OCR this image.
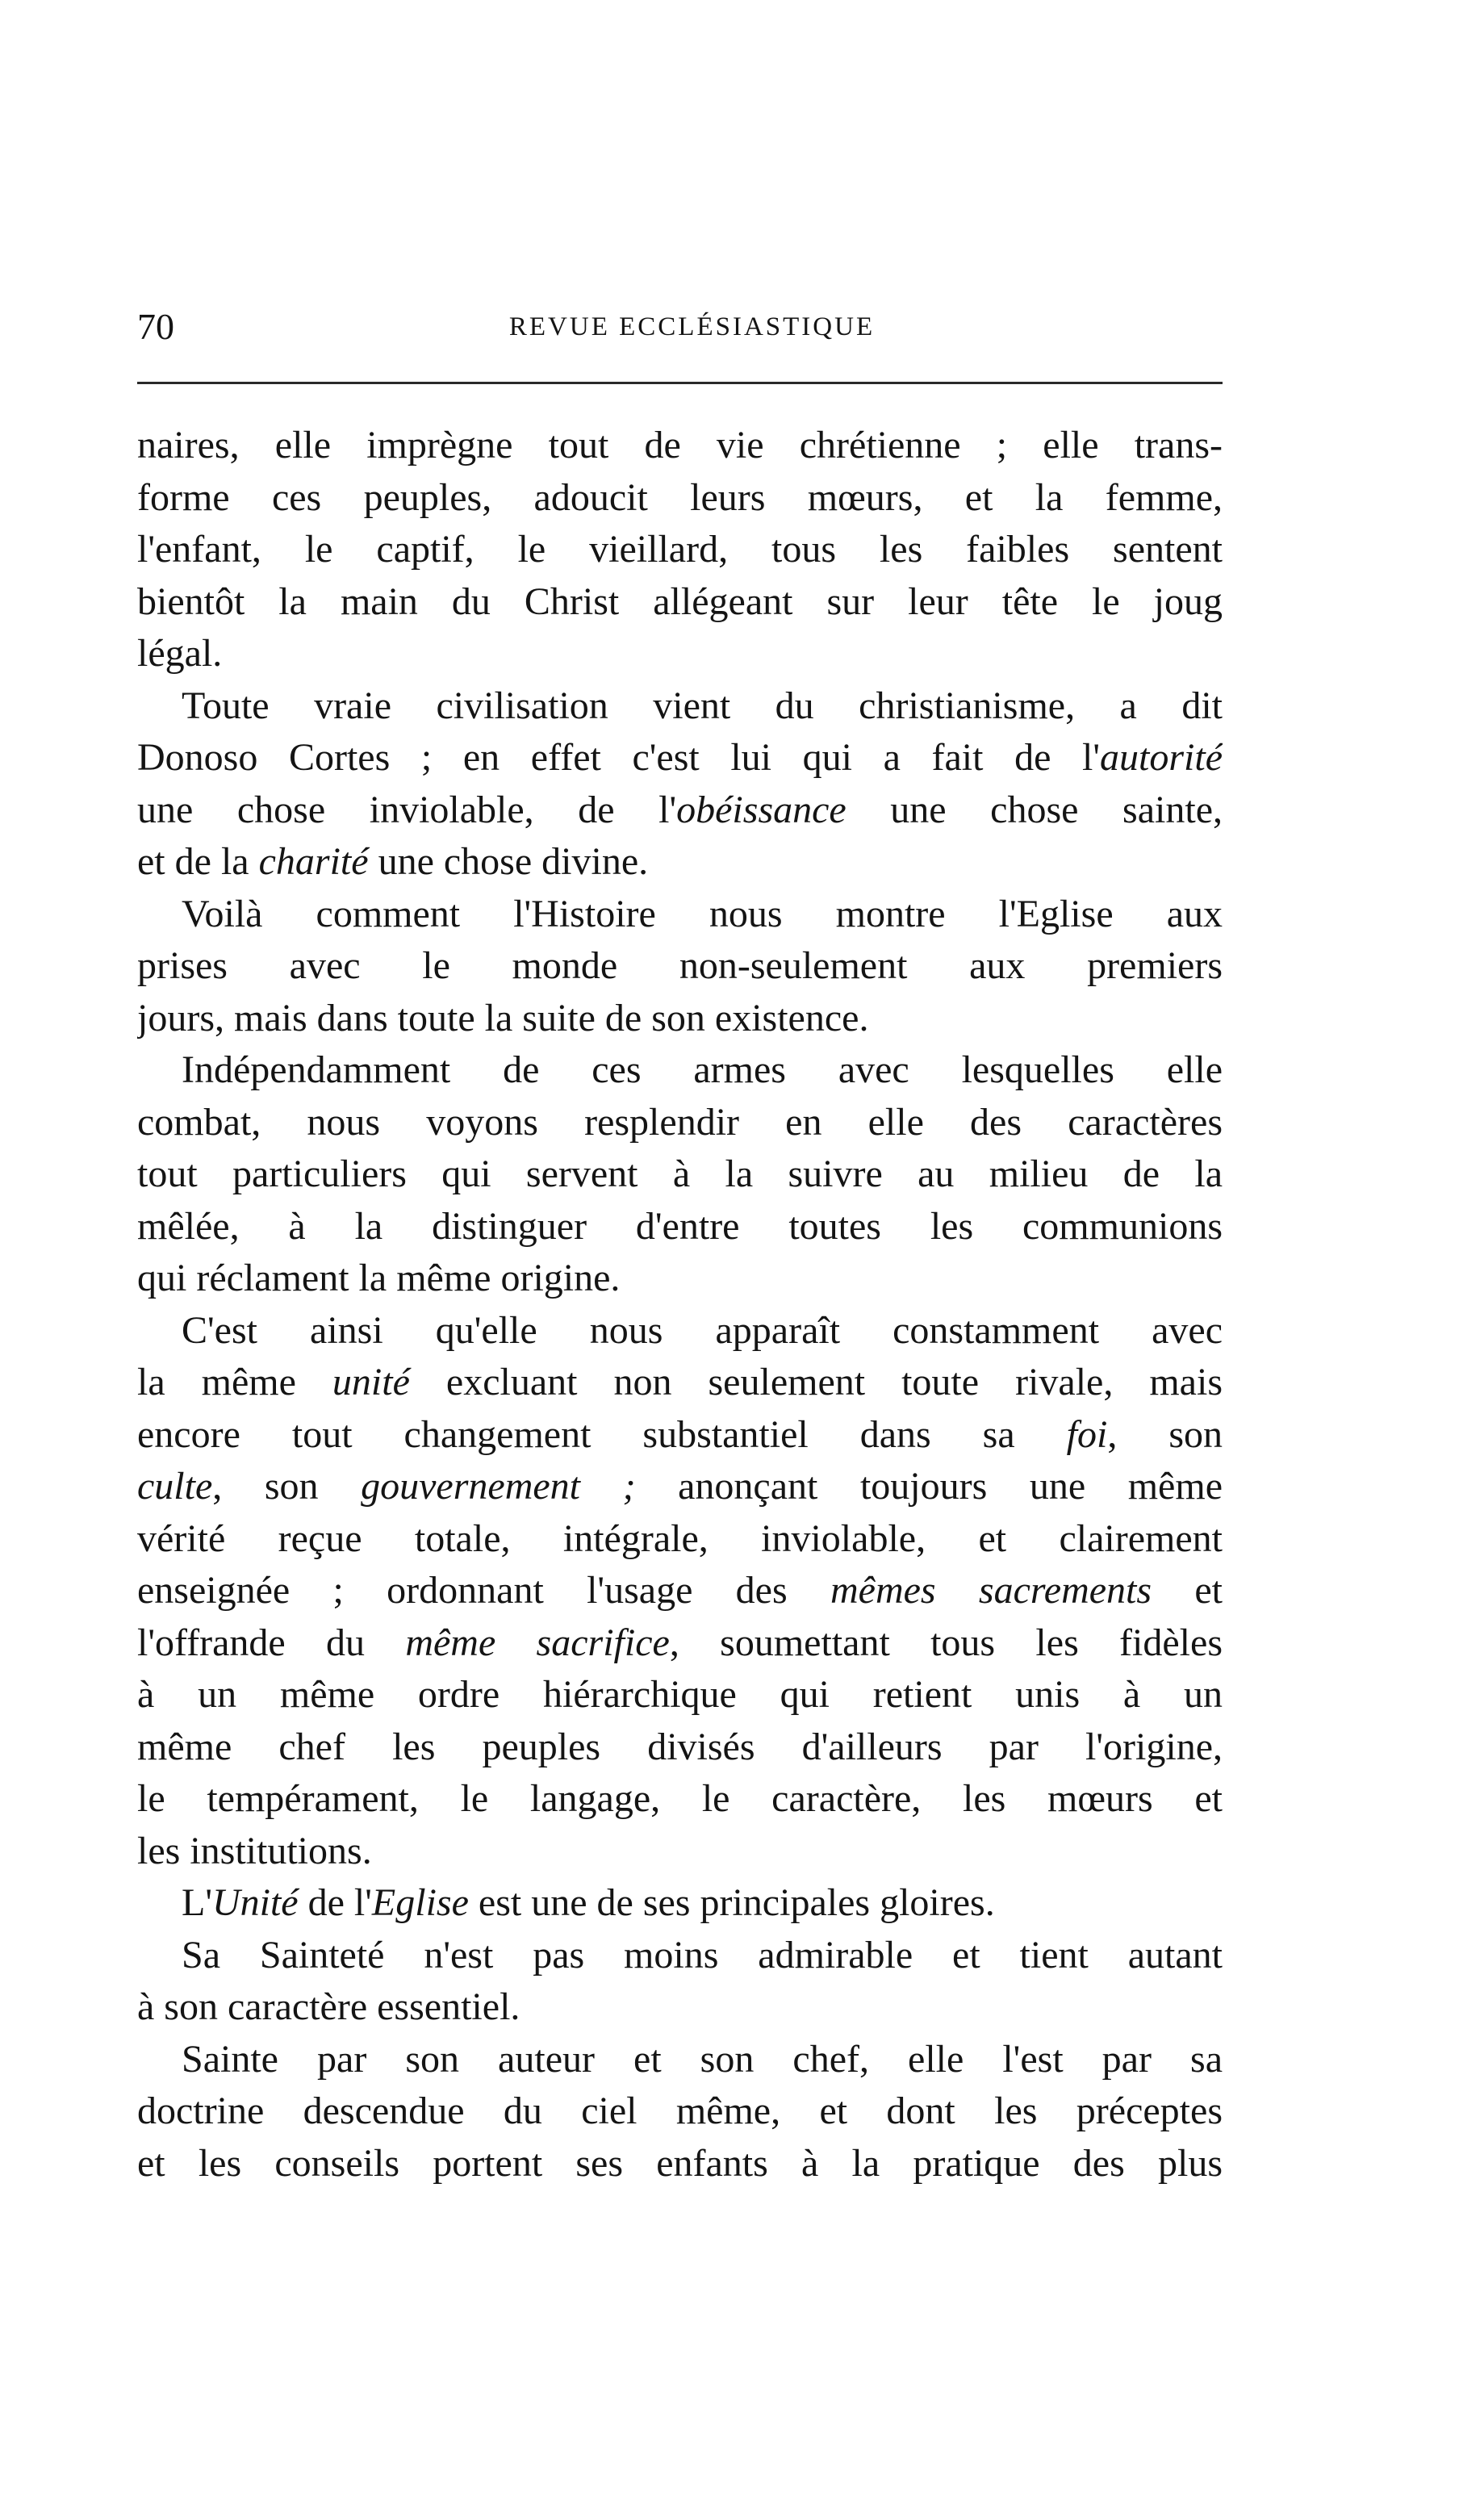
70	REVUE ECCLÉSIASTIQUE
naires, elle imprègne tout de vie chrétienne ; elle trans-
forme ces peuples, adoucit leurs mœurs, et la femme,
l'enfant, le captif, le vieillard, tous les faibles sentent
bientôt la main du Christ allégeant sur leur tête le joug
légal.
Toute vraie civilisation vient du christianisme, a dit
Donoso Cortes ; en effet c'est lui qui a fait de l'autorité
une chose inviolable, de l'obéissance une chose sainte,
et de la charité une chose divine.
Voilà comment l'Histoire nous montre l'Eglise aux
prises avec le monde non-seulement aux premiers
jours, mais dans toute la suite de son existence.
Indépendamment de ces armes avec lesquelles elle
combat, nous voyons resplendir en elle des caractères
tout particuliers qui servent à la suivre au milieu de la
mêlée, à la distinguer d'entre toutes les communions
qui réclament la même origine.
C'est ainsi qu'elle nous apparaît constamment avec
la même unité excluant non seulement toute rivale, mais
encore tout changement substantiel dans sa foi, son
culte, son gouvernement ; anonçant toujours une même
vérité reçue totale, intégrale, inviolable, et clairement
enseignée ; ordonnant l'usage des mêmes sacrements et
l'offrande du même sacrifice, soumettant tous les fidèles
à un même ordre hiérarchique qui retient unis à un
même chef les peuples divisés d'ailleurs par l'origine,
le tempérament, le langage, le caractère, les mœurs et
les institutions.
L'Unité de l'Eglise est une de ses principales gloires.
Sa Sainteté n'est pas moins admirable et tient autant
à son caractère essentiel.
Sainte par son auteur et son chef, elle l'est par sa
doctrine descendue du ciel même, et dont les préceptes
et les conseils portent ses enfants à la pratique des plus
